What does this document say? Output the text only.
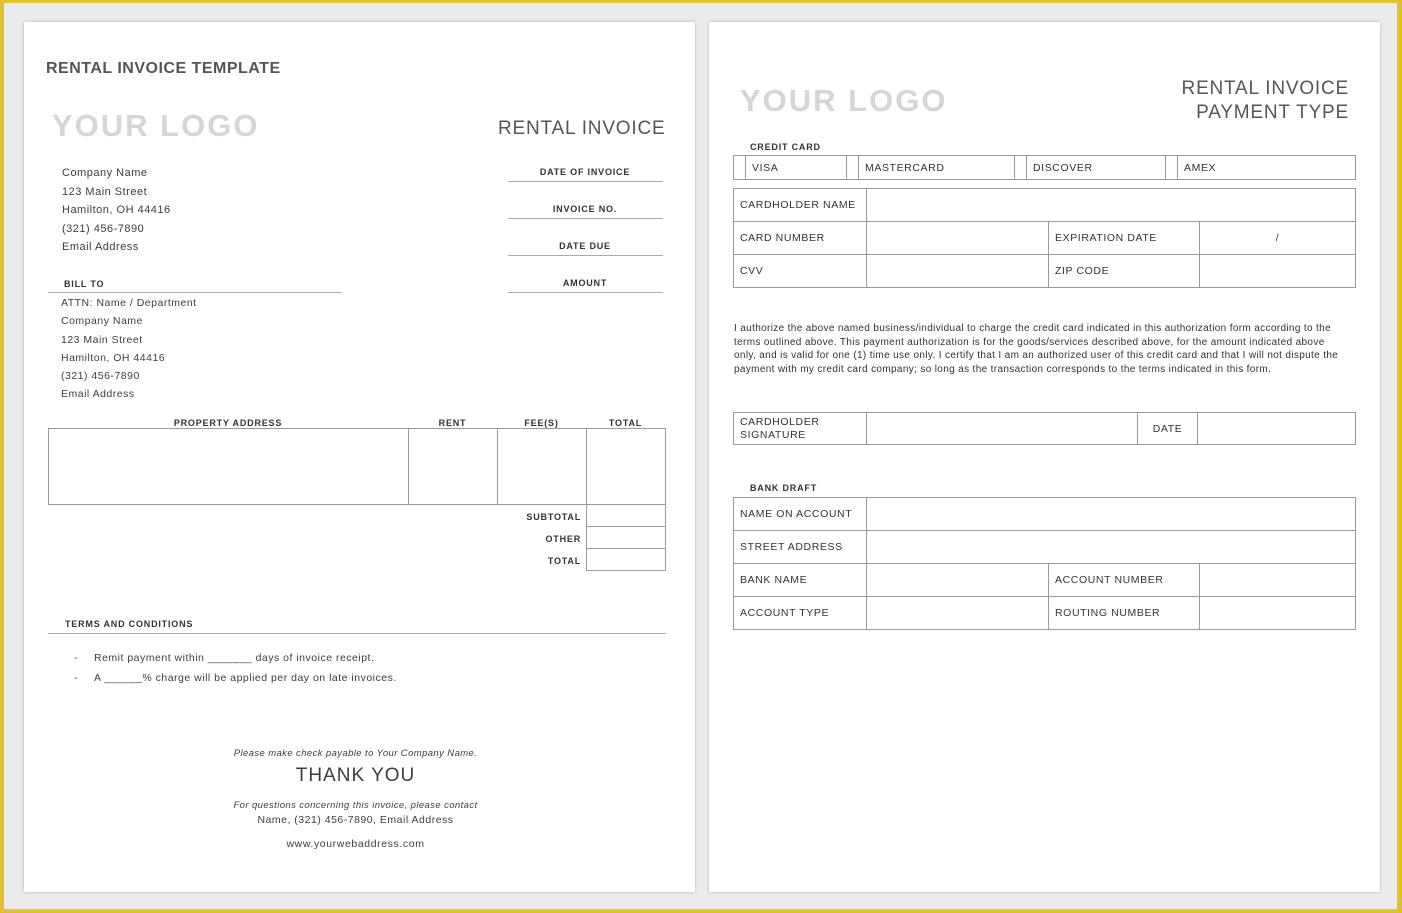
RENTAL INVOICE TEMPLATE
YOUR LOGO	RENTAL INVOICE
Company Name
123 Main Street
Hamilton, OH 44416
(321) 456-7890
Email Address
DATE OF INVOICE
INVOICE NO.
DATE DUE
AMOUNT
BILL TO
ATTN: Name / Department
Company Name
123 Main Street
Hamilton, OH 44416
(321) 456-7890
Email Address
PROPERTY ADDRESS	RENT	FEE(S)	TOTAL
SUBTOTAL
OTHER
TOTAL
TERMS AND CONDITIONS
- Remit payment within _______ days of invoice receipt.
- A ______% charge will be applied per day on late invoices.
Please make check payable to Your Company Name.
THANK YOU
For questions concerning this invoice, please contact
Name, (321) 456-7890, Email Address
www.yourwebaddress.com
YOUR LOGO	RENTAL INVOICE
PAYMENT TYPE
CREDIT CARD
	VISA		MASTERCARD		DISCOVER		AMEX
CARDHOLDER NAME			
CARD NUMBER		EXPIRATION DATE	/
CVV		ZIP CODE	
I authorize the above named business/individual to charge the credit card indicated in this authorization form according to the terms outlined above. This payment authorization is for the goods/services described above, for the amount indicated above only, and is valid for one (1) time use only. I certify that I am an authorized user of this credit card and that I will not dispute the payment with my credit card company; so long as the transaction corresponds to the terms indicated in this form.
CARDHOLDER
SIGNATURE		DATE	
BANK DRAFT
NAME ON ACCOUNT			
STREET ADDRESS			
BANK NAME		ACCOUNT NUMBER	
ACCOUNT TYPE		ROUTING NUMBER	
